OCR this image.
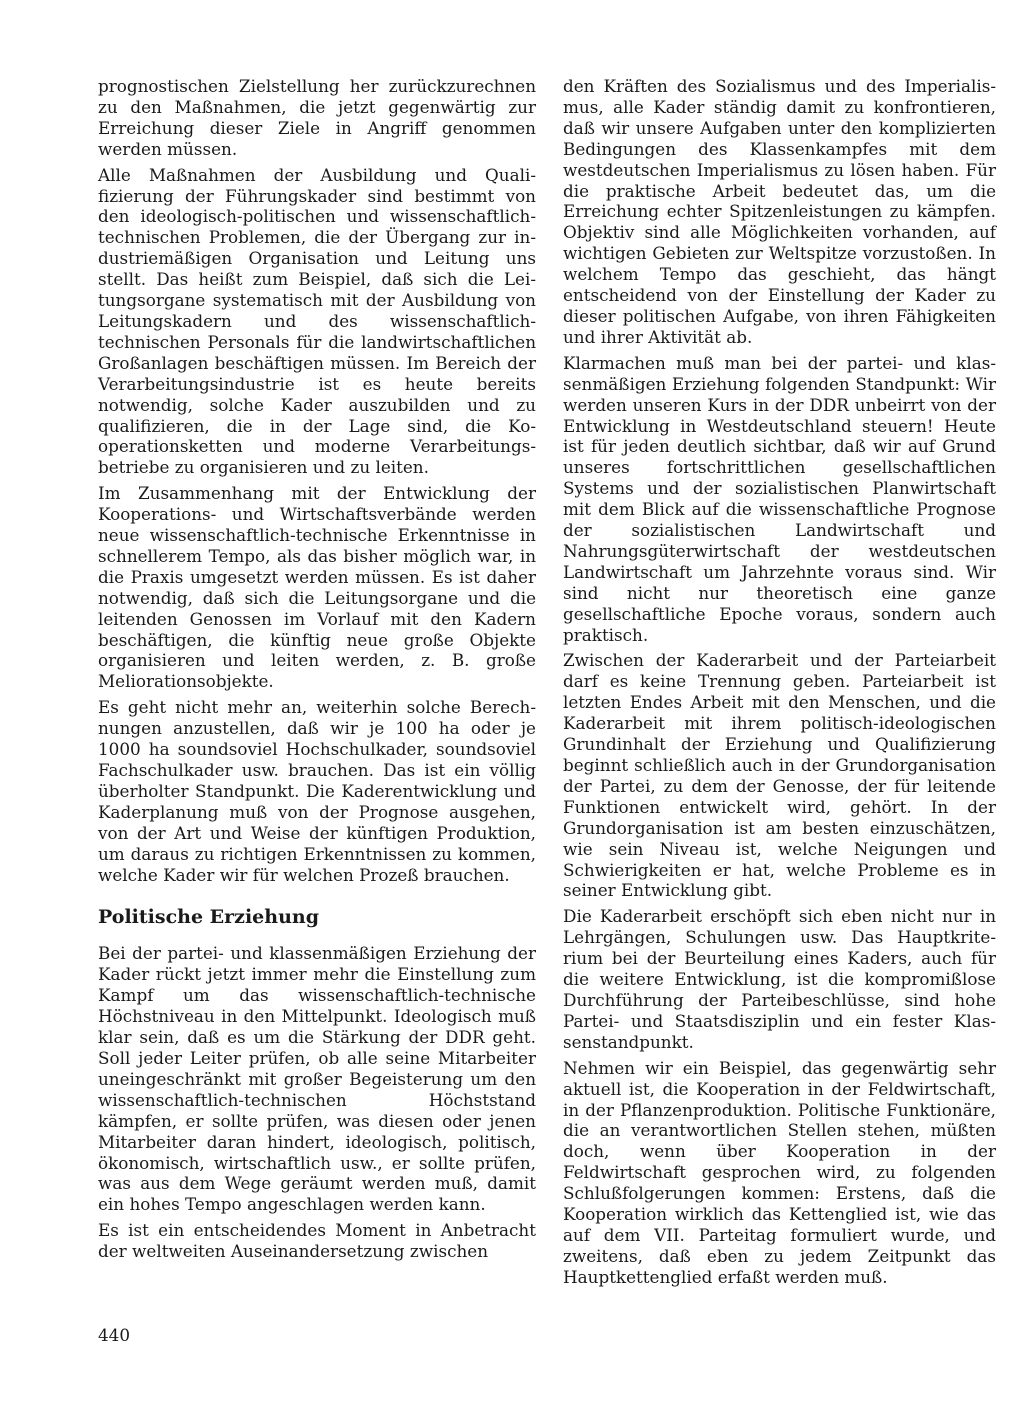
prognostischen Zielstellung her zurückzurechnen zu den Maßnahmen, die jetzt gegenwärtig zur Erreichung dieser Ziele in Angriff genommen werden müssen.

Alle Maßnahmen der Ausbildung und Qualifizierung der Führungskader sind bestimmt von den ideologisch-politischen und wissenschaftlich-technischen Problemen, die der Übergang zur industriemäßigen Organisation und Leitung uns stellt. Das heißt zum Beispiel, daß sich die Leitungsorgane systematisch mit der Ausbildung von Leitungskadern und des wissenschaftlich-technischen Personals für die landwirtschaftlichen Großanlagen beschäftigen müssen. Im Bereich der Verarbeitungsindustrie ist es heute bereits notwendig, solche Kader auszubilden und zu qualifizieren, die in der Lage sind, die Kooperationsketten und moderne Verarbeitungsbetriebe zu organisieren und zu leiten.

Im Zusammenhang mit der Entwicklung der Kooperations- und Wirtschaftsverbände werden neue wissenschaftlich-technische Erkenntnisse in schnellerem Tempo, als das bisher möglich war, in die Praxis umgesetzt werden müssen. Es ist daher notwendig, daß sich die Leitungsorgane und die leitenden Genossen im Vorlauf mit den Kadern beschäftigen, die künftig neue große Objekte organisieren und leiten werden, z. B. große Meliorationsobjekte.

Es geht nicht mehr an, weiterhin solche Berechnungen anzustellen, daß wir je 100 ha oder je 1000 ha soundsoviel Hochschulkader, soundsoviel Fachschulkader usw. brauchen. Das ist ein völlig überholter Standpunkt. Die Kaderentwicklung und Kaderplanung muß von der Prognose ausgehen, von der Art und Weise der künftigen Produktion, um daraus zu richtigen Erkenntnissen zu kommen, welche Kader wir für welchen Prozeß brauchen.

Politische Erziehung

Bei der partei- und klassenmäßigen Erziehung der Kader rückt jetzt immer mehr die Einstellung zum Kampf um das wissenschaftlich-technische Höchstniveau in den Mittelpunkt. Ideologisch muß klar sein, daß es um die Stärkung der DDR geht. Soll jeder Leiter prüfen, ob alle seine Mitarbeiter uneingeschränkt mit großer Begeisterung um den wissenschaftlich-technischen Höchststand kämpfen, er sollte prüfen, was diesen oder jenen Mitarbeiter daran hindert, ideologisch, politisch, ökonomisch, wirtschaftlich usw., er sollte prüfen, was aus dem Wege geräumt werden muß, damit ein hohes Tempo angeschlagen werden kann.

Es ist ein entscheidendes Moment in Anbetracht der weltweiten Auseinandersetzung zwischen

den Kräften des Sozialismus und des Imperialismus, alle Kader ständig damit zu konfrontieren, daß wir unsere Aufgaben unter den komplizierten Bedingungen des Klassenkampfes mit dem westdeutschen Imperialismus zu lösen haben. Für die praktische Arbeit bedeutet das, um die Erreichung echter Spitzenleistungen zu kämpfen. Objektiv sind alle Möglichkeiten vorhanden, auf wichtigen Gebieten zur Weltspitze vorzustoßen. In welchem Tempo das geschieht, das hängt entscheidend von der Einstellung der Kader zu dieser politischen Aufgabe, von ihren Fähigkeiten und ihrer Aktivität ab.

Klarmachen muß man bei der partei- und klassenmäßigen Erziehung folgenden Standpunkt: Wir werden unseren Kurs in der DDR unbeirrt von der Entwicklung in Westdeutschland steuern! Heute ist für jeden deutlich sichtbar, daß wir auf Grund unseres fortschrittlichen gesellschaftlichen Systems und der sozialistischen Planwirtschaft mit dem Blick auf die wissenschaftliche Prognose der sozialistischen Landwirtschaft und Nahrungsgüterwirtschaft der westdeutschen Landwirtschaft um Jahrzehnte voraus sind. Wir sind nicht nur theoretisch eine ganze gesellschaftliche Epoche voraus, sondern auch praktisch.

Zwischen der Kaderarbeit und der Parteiarbeit darf es keine Trennung geben. Parteiarbeit ist letzten Endes Arbeit mit den Menschen, und die Kaderarbeit mit ihrem politisch-ideologischen Grundinhalt der Erziehung und Qualifizierung beginnt schließlich auch in der Grundorganisation der Partei, zu dem der Genosse, der für leitende Funktionen entwickelt wird, gehört. In der Grundorganisation ist am besten einzuschätzen, wie sein Niveau ist, welche Neigungen und Schwierigkeiten er hat, welche Probleme es in seiner Entwicklung gibt.

Die Kaderarbeit erschöpft sich eben nicht nur in Lehrgängen, Schulungen usw. Das Hauptkriterium bei der Beurteilung eines Kaders, auch für die weitere Entwicklung, ist die kompromißlose Durchführung der Parteibeschlüsse, sind hohe Partei- und Staatsdisziplin und ein fester Klassenstandpunkt.

Nehmen wir ein Beispiel, das gegenwärtig sehr aktuell ist, die Kooperation in der Feldwirtschaft, in der Pflanzenproduktion. Politische Funktionäre, die an verantwortlichen Stellen stehen, müßten doch, wenn über Kooperation in der Feldwirtschaft gesprochen wird, zu folgenden Schlußfolgerungen kommen: Erstens, daß die Kooperation wirklich das Kettenglied ist, wie das auf dem VII. Parteitag formuliert wurde, und zweitens, daß eben zu jedem Zeitpunkt das Hauptkettenglied erfaßt werden muß.

440
